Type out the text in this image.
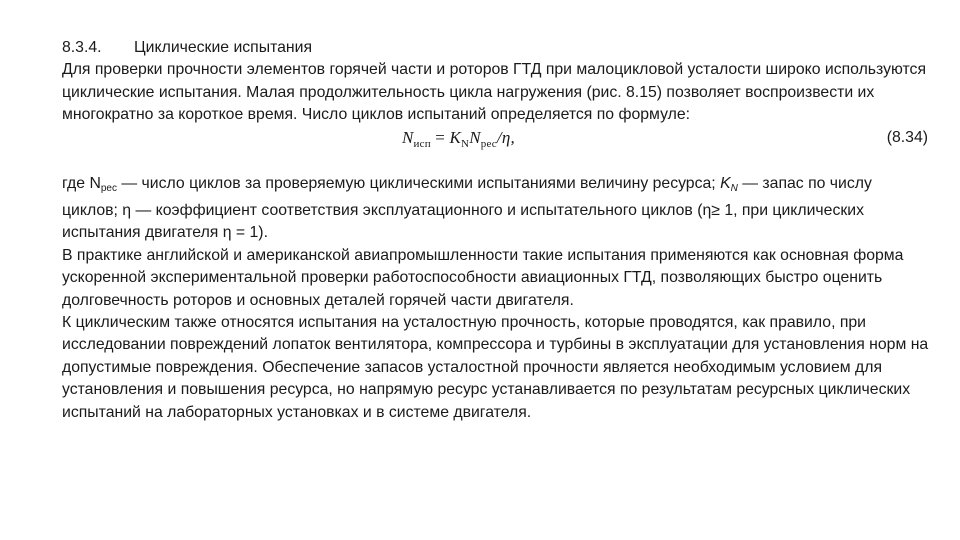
8.3.4. Циклические испытания

Для проверки прочности элементов горячей части и роторов ГТД при малоцикловой усталости широко используются циклические испытания. Малая продолжительность цикла нагружения (рис. 8.15) позволяет воспроизвести их многократно за короткое время. Число циклов испытаний определяется по формуле:

$N_{исп} = K_NN_{рес}/\eta$,	(8.34)

где $N_{рес}$ — число циклов за проверяемую циклическими испытаниями величину ресурса; $K_N$ — запас по числу циклов; η — коэффициент соответствия эксплуатационного и испытательного циклов (η≥ 1, при циклических испытания двигателя η = 1).

В практике английской и американской авиапромышленности такие испытания применяются как основная форма ускоренной экспериментальной проверки работоспособности авиационных ГТД, позволяющих быстро оценить долговечность роторов и основных деталей горячей части двигателя.

К циклическим также относятся испытания на усталостную прочность, которые проводятся, как правило, при исследовании повреждений лопаток вентилятора, компрессора и турбины в эксплуатации для установления норм на допустимые повреждения. Обеспечение запасов усталостной прочности является необходимым условием для установления и повышения ресурса, но напрямую ресурс устанавливается по результатам ресурсных циклических испытаний на лабораторных установках и в системе двигателя.
